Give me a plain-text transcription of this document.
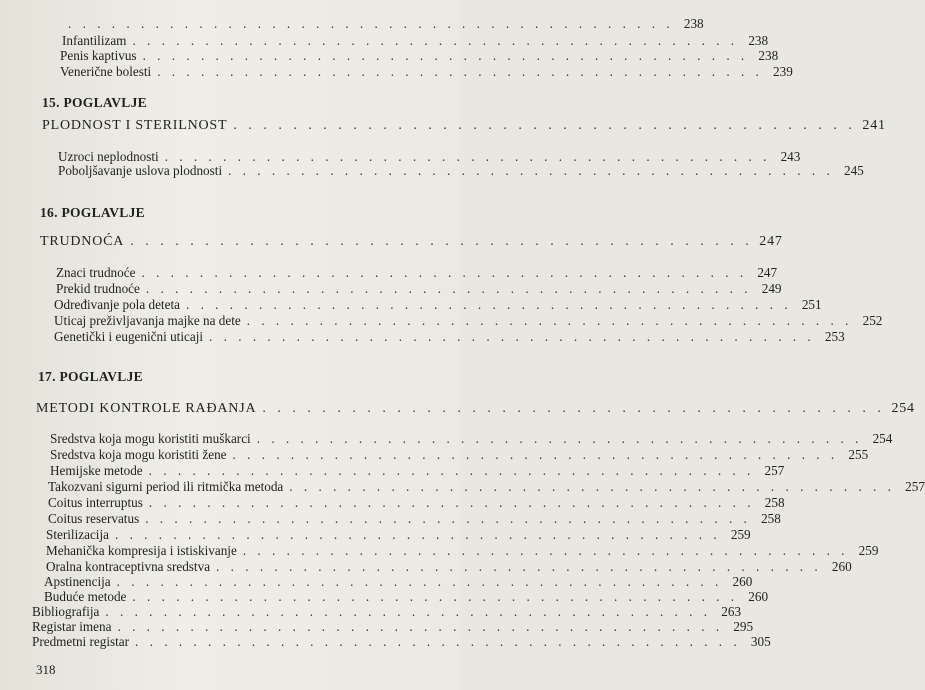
. . . . . . . . . . . . . . . . . . . . . . . . . . . . . . . . . . . . . . . . . . 238
Infantilizam . . . . . . . . . . . . . . . . . . . . . . . . . . . . . . . . . . . . . . . . . . 238
Penis kaptivus . . . . . . . . . . . . . . . . . . . . . . . . . . . . . . . . . . . . . . . . . . 238
Venerične bolesti . . . . . . . . . . . . . . . . . . . . . . . . . . . . . . . . . . . . . . . . . . 239
15. POGLAVLJE
PLODNOST I STERILNOST . . . . . . . . . . . . . . . . . . . . . . . . . . . . . . . . . . . . . . . . . . 241
Uzroci neplodnosti . . . . . . . . . . . . . . . . . . . . . . . . . . . . . . . . . . . . . . . . . . 243
Poboljšavanje uslova plodnosti . . . . . . . . . . . . . . . . . . . . . . . . . . . . . . . . . . . . . . . . . . 245
16. POGLAVLJE
TRUDNOĆA . . . . . . . . . . . . . . . . . . . . . . . . . . . . . . . . . . . . . . . . . . 247
Znaci trudnoće . . . . . . . . . . . . . . . . . . . . . . . . . . . . . . . . . . . . . . . . . . 247
Prekid trudnoće . . . . . . . . . . . . . . . . . . . . . . . . . . . . . . . . . . . . . . . . . . 249
Određivanje pola deteta . . . . . . . . . . . . . . . . . . . . . . . . . . . . . . . . . . . . . . . . . . 251
Uticaj preživljavanja majke na dete . . . . . . . . . . . . . . . . . . . . . . . . . . . . . . . . . . . . . . . . . . 252
Genetički i eugenični uticaji . . . . . . . . . . . . . . . . . . . . . . . . . . . . . . . . . . . . . . . . . . 253
17. POGLAVLJE
METODI KONTROLE RAĐANJA . . . . . . . . . . . . . . . . . . . . . . . . . . . . . . . . . . . . . . . . . . 254
Sredstva koja mogu koristiti muškarci . . . . . . . . . . . . . . . . . . . . . . . . . . . . . . . . . . . . . . . . . . 254
Sredstva koja mogu koristiti žene . . . . . . . . . . . . . . . . . . . . . . . . . . . . . . . . . . . . . . . . . . 255
Hemijske metode . . . . . . . . . . . . . . . . . . . . . . . . . . . . . . . . . . . . . . . . . . 257
Takozvani sigurni period ili ritmička metoda . . . . . . . . . . . . . . . . . . . . . . . . . . . . . . . . . . . . . . . . . . 257
Coitus interruptus . . . . . . . . . . . . . . . . . . . . . . . . . . . . . . . . . . . . . . . . . . 258
Coitus reservatus . . . . . . . . . . . . . . . . . . . . . . . . . . . . . . . . . . . . . . . . . . 258
Sterilizacija . . . . . . . . . . . . . . . . . . . . . . . . . . . . . . . . . . . . . . . . . . 259
Mehanička kompresija i istiskivanje . . . . . . . . . . . . . . . . . . . . . . . . . . . . . . . . . . . . . . . . . . 259
Oralna kontraceptivna sredstva . . . . . . . . . . . . . . . . . . . . . . . . . . . . . . . . . . . . . . . . . . 260
Apstinencija . . . . . . . . . . . . . . . . . . . . . . . . . . . . . . . . . . . . . . . . . . 260
Buduće metode . . . . . . . . . . . . . . . . . . . . . . . . . . . . . . . . . . . . . . . . . . 260
Bibliografija . . . . . . . . . . . . . . . . . . . . . . . . . . . . . . . . . . . . . . . . . . 263
Registar imena . . . . . . . . . . . . . . . . . . . . . . . . . . . . . . . . . . . . . . . . . . 295
Predmetni registar . . . . . . . . . . . . . . . . . . . . . . . . . . . . . . . . . . . . . . . . . . 305
318
